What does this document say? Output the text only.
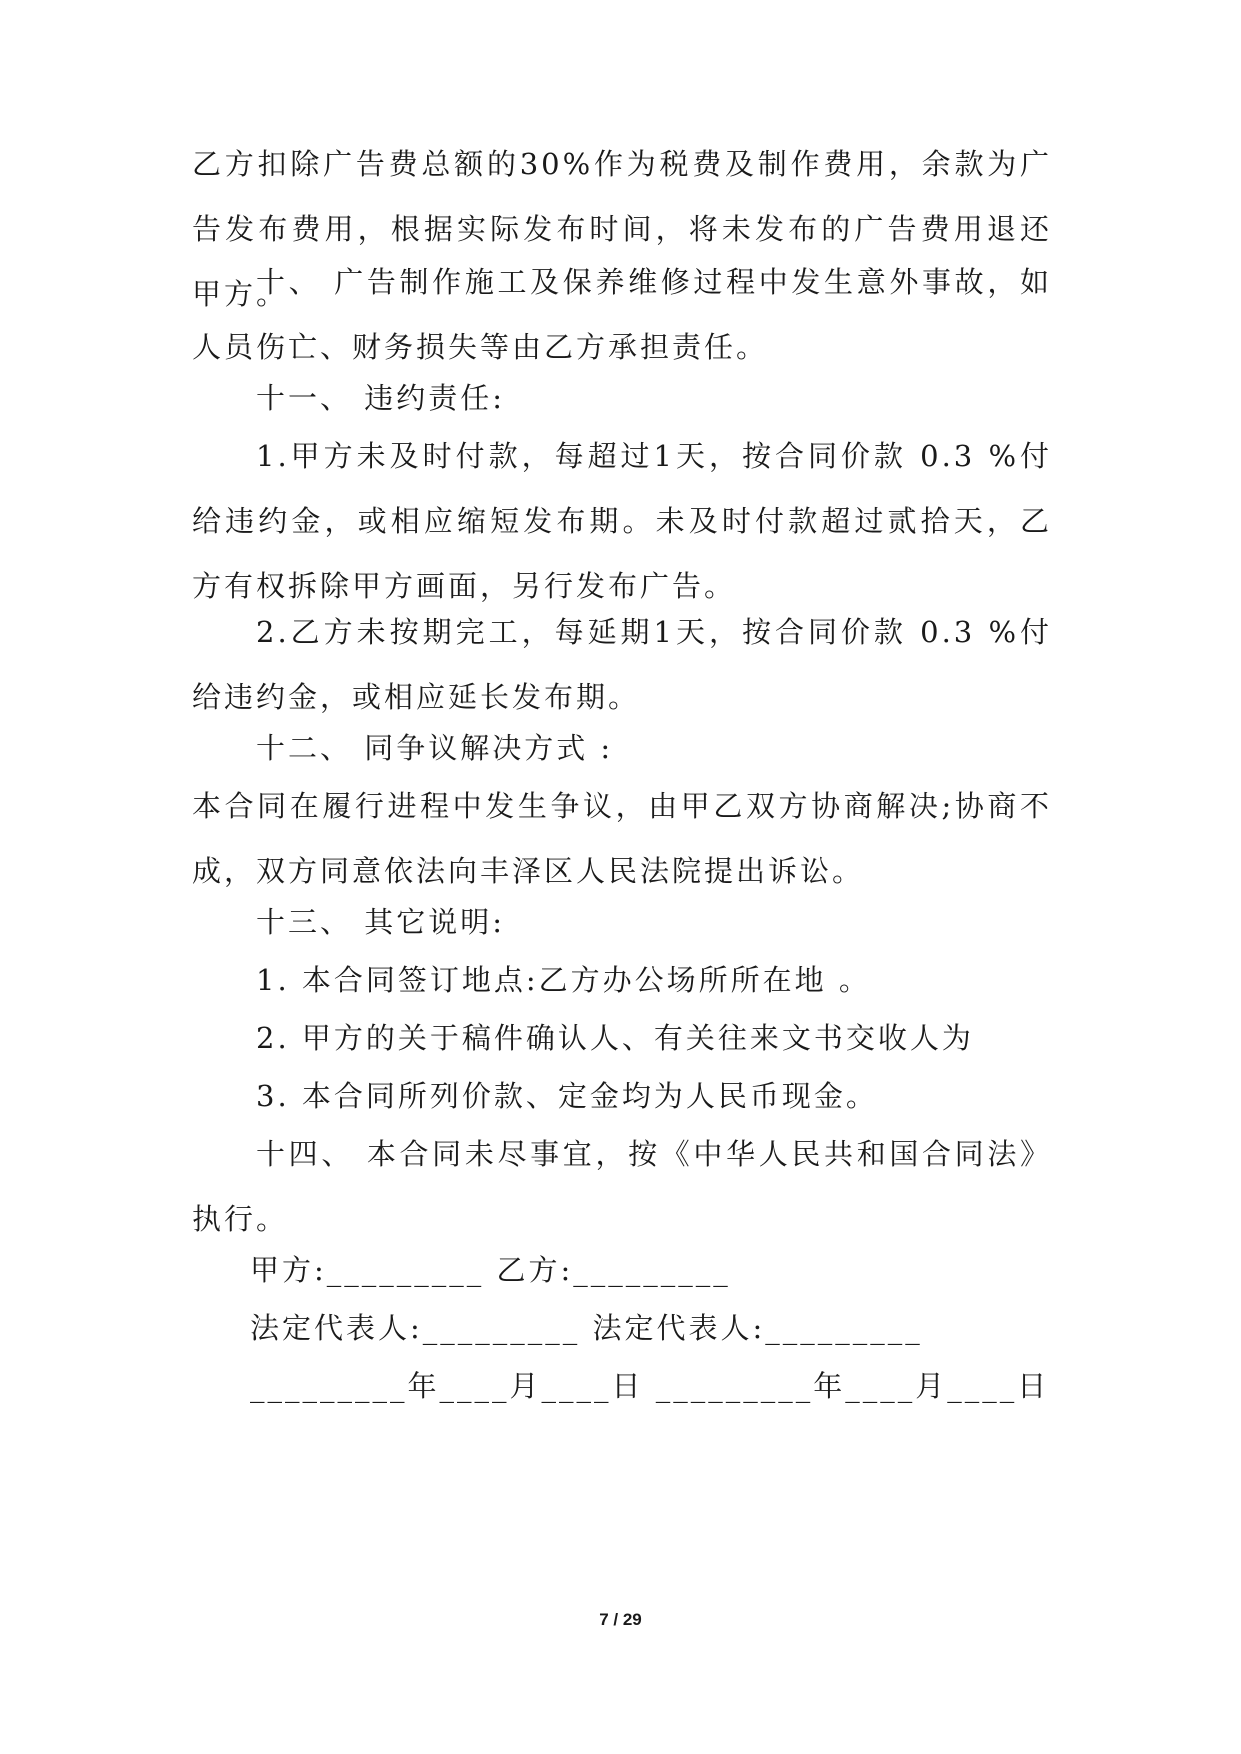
乙方扣除广告费总额的30%作为税费及制作费用，余款为广告发布费用，根据实际发布时间，将未发布的广告费用退还甲方。

十、 广告制作施工及保养维修过程中发生意外事故，如人员伤亡、财务损失等由乙方承担责任。

十一、 违约责任:

1.甲方未及时付款，每超过1天，按合同价款 0.3 %付给违约金，或相应缩短发布期。未及时付款超过贰拾天，乙方有权拆除甲方画面，另行发布广告。

2.乙方未按期完工，每延期1天，按合同价款 0.3 %付给违约金，或相应延长发布期。

十二、 同争议解决方式 :

本合同在履行进程中发生争议，由甲乙双方协商解决;协商不成，双方同意依法向丰泽区人民法院提出诉讼。

十三、 其它说明:

1. 本合同签订地点:乙方办公场所所在地 。

2. 甲方的关于稿件确认人、有关往来文书交收人为

3. 本合同所列价款、定金均为人民币现金。

十四、 本合同未尽事宜，按《中华人民共和国合同法》执行。

甲方:_________ 乙方:_________
法定代表人:_________ 法定代表人:_________
_________年____月____日 _________年____月____日
7 / 29
